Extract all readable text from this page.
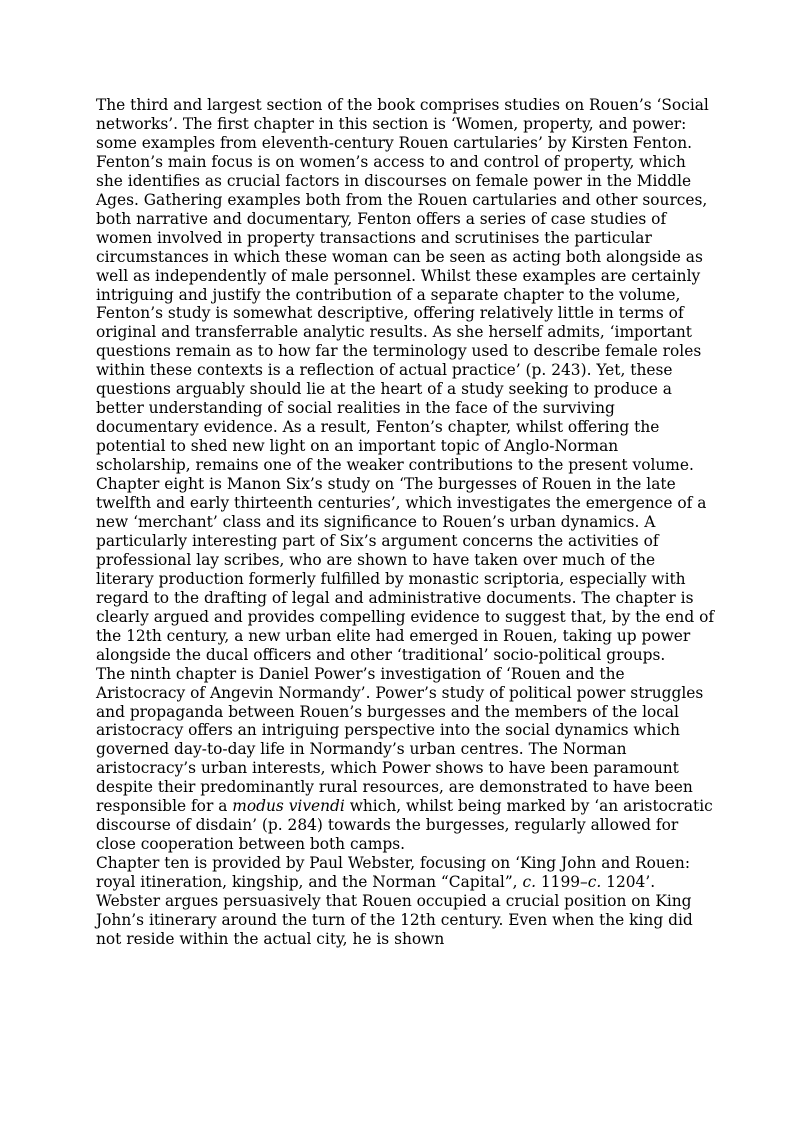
The third and largest section of the book comprises studies on Rouen’s ‘Social networks’. The first chapter in this section is ‘Women, property, and power: some examples from eleventh-century Rouen cartularies’ by Kirsten Fenton. Fenton’s main focus is on women’s access to and control of property, which she identifies as crucial factors in discourses on female power in the Middle Ages. Gathering examples both from the Rouen cartularies and other sources, both narrative and documentary, Fenton offers a series of case studies of women involved in property transactions and scrutinises the particular circumstances in which these woman can be seen as acting both alongside as well as independently of male personnel. Whilst these examples are certainly intriguing and justify the contribution of a separate chapter to the volume, Fenton’s study is somewhat descriptive, offering relatively little in terms of original and transferrable analytic results. As she herself admits, ‘important questions remain as to how far the terminology used to describe female roles within these contexts is a reflection of actual practice’ (p. 243). Yet, these questions arguably should lie at the heart of a study seeking to produce a better understanding of social realities in the face of the surviving documentary evidence. As a result, Fenton’s chapter, whilst offering the potential to shed new light on an important topic of Anglo-Norman scholarship, remains one of the weaker contributions to the present volume.

Chapter eight is Manon Six’s study on ‘The burgesses of Rouen in the late twelfth and early thirteenth centuries’, which investigates the emergence of a new ‘merchant’ class and its significance to Rouen’s urban dynamics. A particularly interesting part of Six’s argument concerns the activities of professional lay scribes, who are shown to have taken over much of the literary production formerly fulfilled by monastic scriptoria, especially with regard to the drafting of legal and administrative documents. The chapter is clearly argued and provides compelling evidence to suggest that, by the end of the 12th century, a new urban elite had emerged in Rouen, taking up power alongside the ducal officers and other ‘traditional’ socio-political groups.

The ninth chapter is Daniel Power’s investigation of ‘Rouen and the Aristocracy of Angevin Normandy’. Power’s study of political power struggles and propaganda between Rouen’s burgesses and the members of the local aristocracy offers an intriguing perspective into the social dynamics which governed day-to-day life in Normandy’s urban centres. The Norman aristocracy’s urban interests, which Power shows to have been paramount despite their predominantly rural resources, are demonstrated to have been responsible for a modus vivendi which, whilst being marked by ‘an aristocratic discourse of disdain’ (p. 284) towards the burgesses, regularly allowed for close cooperation between both camps.

Chapter ten is provided by Paul Webster, focusing on ‘King John and Rouen: royal itineration, kingship, and the Norman “Capital”, c. 1199–c. 1204’. Webster argues persuasively that Rouen occupied a crucial position on King John’s itinerary around the turn of the 12th century. Even when the king did not reside within the actual city, he is shown
